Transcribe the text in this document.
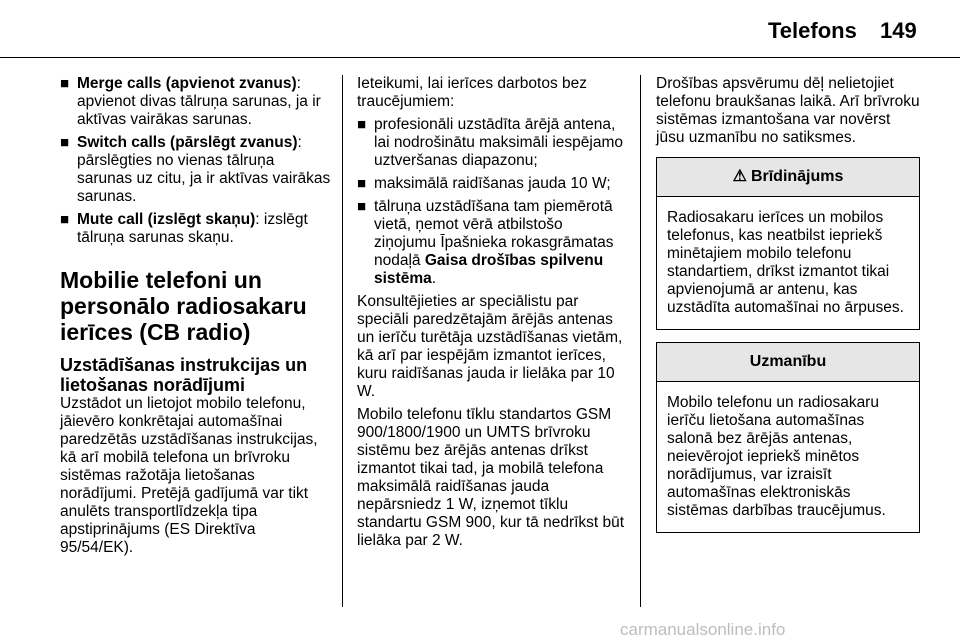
Telefons 149
■ Merge calls (apvienot zvanus): apvienot divas tālruņa sarunas, ja ir aktīvas vairākas sarunas.
■ Switch calls (pārslēgt zvanus): pārslēgties no vienas tālruņa sarunas uz citu, ja ir aktīvas vairākas sarunas.
■ Mute call (izslēgt skaņu): izslēgt tālruņa sarunas skaņu.
Mobilie telefoni un personālo radiosakaru ierīces (CB radio)
Uzstādīšanas instrukcijas un lietošanas norādījumi

Uzstādot un lietojot mobilo telefonu, jāievēro konkrētajai automašīnai paredzētās uzstādīšanas instrukcijas, kā arī mobilā telefona un brīvroku sistēmas ražotāja lietošanas norādījumi. Pretējā gadījumā var tikt anulēts transportlīdzekļa tipa apstiprinājums (ES Direktīva 95/54/EK).

Ieteikumi, lai ierīces darbotos bez traucējumiem:

■ profesionāli uzstādīta ārējā antena, lai nodrošinātu maksimāli iespējamo uztveršanas diapazonu;
■ maksimālā raidīšanas jauda 10 W;
■ tālruņa uzstādīšana tam piemērotā vietā, ņemot vērā atbilstošo ziņojumu Īpašnieka rokasgrāmatas nodaļā Gaisa drošības spilvenu sistēma.

Konsultējieties ar speciālistu par speciāli paredzētajām ārējās antenas un ierīču turētāja uzstādīšanas vietām, kā arī par iespējām izmantot ierīces, kuru raidīšanas jauda ir lielāka par 10 W.

Mobilo telefonu tīklu standartos GSM 900/1800/1900 un UMTS brīvroku sistēmu bez ārējās antenas drīkst izmantot tikai tad, ja mobilā telefona maksimālā raidīšanas jauda nepārsniedz 1 W, izņemot tīklu standartu GSM 900, kur tā nedrīkst būt lielāka par 2 W.

Drošības apsvērumu dēļ nelietojiet telefonu braukšanas laikā. Arī brīvroku sistēmas izmantošana var novērst jūsu uzmanību no satiksmes.

⚠ Brīdinājums
Radiosakaru ierīces un mobilos telefonus, kas neatbilst iepriekš minētajiem mobilo telefonu standartiem, drīkst izmantot tikai apvienojumā ar antenu, kas uzstādīta automašīnai no ārpuses.
Uzmanību
Mobilo telefonu un radiosakaru ierīču lietošana automašīnas salonā bez ārējās antenas, neievērojot iepriekš minētos norādījumus, var izraisīt automašīnas elektroniskās sistēmas darbības traucējumus.
carmanualsonline.info
